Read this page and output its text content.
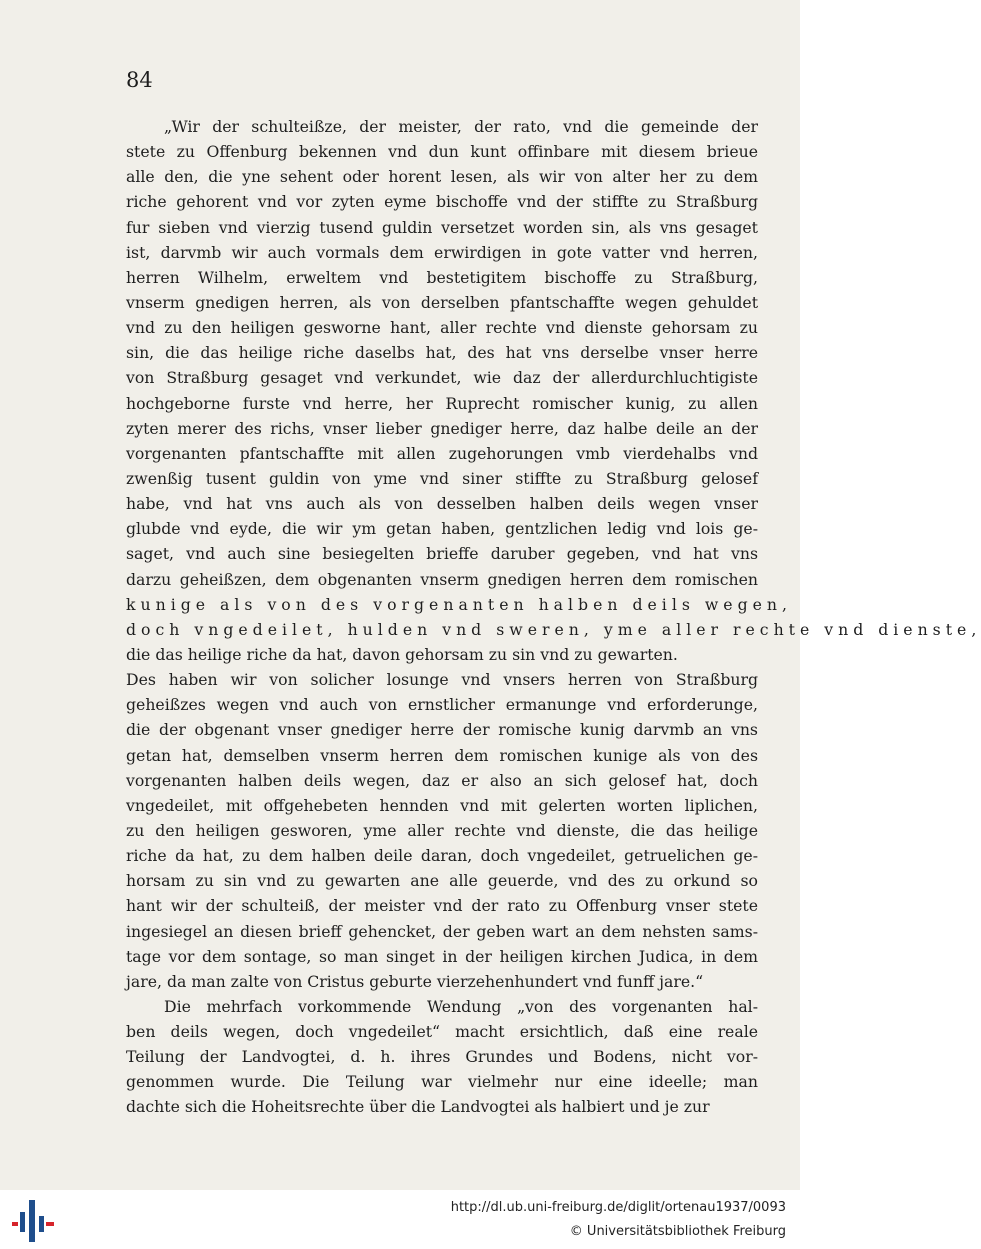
84
„Wir der schulteißze, der meister, der rato, vnd die gemeinde der
stete zu Offenburg bekennen vnd dun kunt offinbare mit diesem brieue
alle den, die yne sehent oder horent lesen, als wir von alter her zu dem
riche gehorent vnd vor zyten eyme bischoffe vnd der stiffte zu Straßburg
fur sieben vnd vierzig tusend guldin versetzet worden sin, als vns gesaget
ist, darvmb wir auch vormals dem erwirdigen in gote vatter vnd herren,
herren Wilhelm, erweltem vnd bestetigitem bischoffe zu Straßburg,
vnserm gnedigen herren, als von derselben pfantschaffte wegen gehuldet
vnd zu den heiligen gesworne hant, aller rechte vnd dienste gehorsam zu
sin, die das heilige riche daselbs hat, des hat vns derselbe vnser herre
von Straßburg gesaget vnd verkundet, wie daz der allerdurchluchtigiste
hochgeborne furste vnd herre, her Ruprecht romischer kunig, zu allen
zyten merer des richs, vnser lieber gnediger herre, daz halbe deile an der
vorgenanten pfantschaffte mit allen zugehorungen vmb vierdehalbs vnd
zwenßig tusent guldin von yme vnd siner stiffte zu Straßburg gelosef
habe, vnd hat vns auch als von desselben halben deils wegen vnser
glubde vnd eyde, die wir ym getan haben, gentzlichen ledig vnd lois ge-
saget, vnd auch sine besiegelten brieffe daruber gegeben, vnd hat vns
darzu geheißzen, dem obgenanten vnserm gnedigen herren dem romischen
kunige als von des vorgenanten halben deils wegen,
doch vngedeilet, hulden vnd sweren, yme aller rechte vnd dienste,
die das heilige riche da hat, davon gehorsam zu sin vnd zu gewarten.
Des haben wir von solicher losunge vnd vnsers herren von Straßburg
geheißzes wegen vnd auch von ernstlicher ermanunge vnd erforderunge,
die der obgenant vnser gnediger herre der romische kunig darvmb an vns
getan hat, demselben vnserm herren dem romischen kunige als von des
vorgenanten halben deils wegen, daz er also an sich gelosef hat, doch
vngedeilet, mit offgehebeten hennden vnd mit gelerten worten liplichen,
zu den heiligen gesworen, yme aller rechte vnd dienste, die das heilige
riche da hat, zu dem halben deile daran, doch vngedeilet, getruelichen ge-
horsam zu sin vnd zu gewarten ane alle geuerde, vnd des zu orkund so
hant wir der schulteiß, der meister vnd der rato zu Offenburg vnser stete
ingesiegel an diesen brieff gehencket, der geben wart an dem nehsten sams-
tage vor dem sontage, so man singet in der heiligen kirchen Judica, in dem
jare, da man zalte von Cristus geburte vierzehenhundert vnd funff jare.“
Die mehrfach vorkommende Wendung „von des vorgenanten hal-
ben deils wegen, doch vngedeilet“ macht ersichtlich, daß eine reale
Teilung der Landvogtei, d. h. ihres Grundes und Bodens, nicht vor-
genommen wurde. Die Teilung war vielmehr nur eine ideelle; man
dachte sich die Hoheitsrechte über die Landvogtei als halbiert und je zur
http://dl.ub.uni-freiburg.de/diglit/ortenau1937/0093
© Universitätsbibliothek Freiburg
